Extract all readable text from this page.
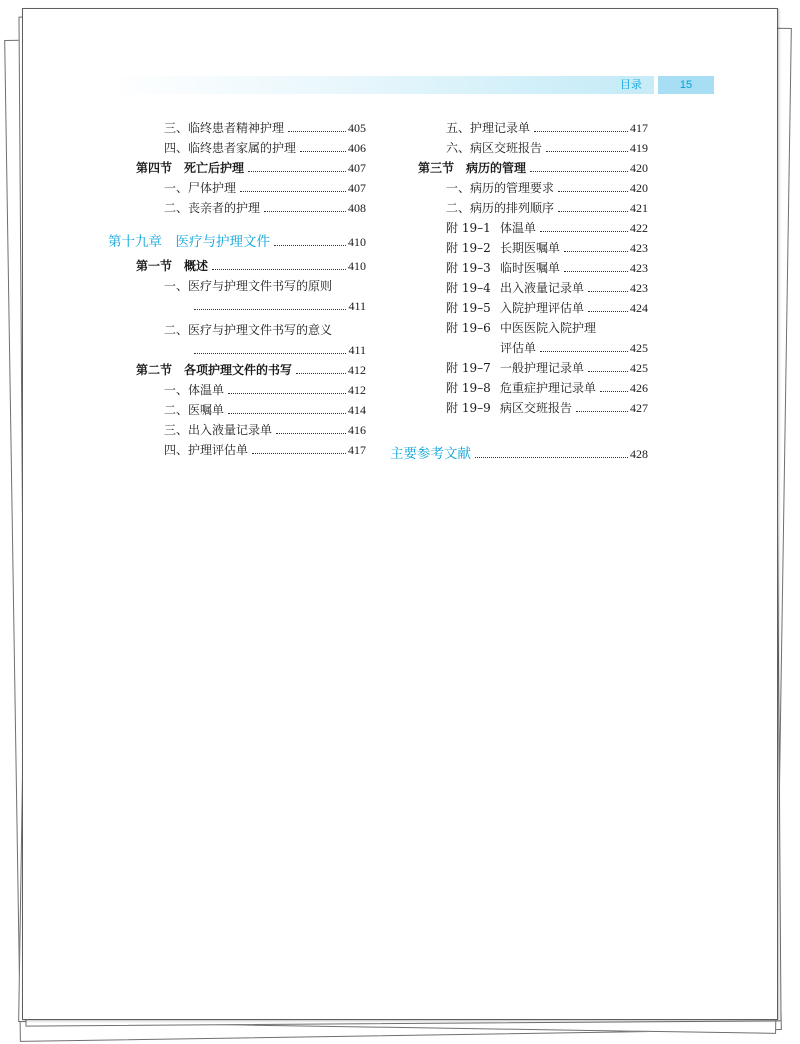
目录	15
三、临终患者精神护理	405
四、临终患者家属的护理	406
第四节　死亡后护理	407
一、尸体护理	407
二、丧亲者的护理	408
第十九章　医疗与护理文件	410
第一节　概述	410
一、医疗与护理文件书写的原则
411
二、医疗与护理文件书写的意义
411
第二节　各项护理文件的书写	412
一、体温单	412
二、医嘱单	414
三、出入液量记录单	416
四、护理评估单	417
五、护理记录单	417
六、病区交班报告	419
第三节　病历的管理	420
一、病历的管理要求	420
二、病历的排列顺序	421
附 19–1 体温单	422
附 19–2 长期医嘱单	423
附 19–3 临时医嘱单	423
附 19–4 出入液量记录单	423
附 19–5 入院护理评估单	424
附 19–6 中医医院入院护理
评估单	425
附 19–7 一般护理记录单	425
附 19–8 危重症护理记录单	426
附 19–9 病区交班报告	427
主要参考文献	428
